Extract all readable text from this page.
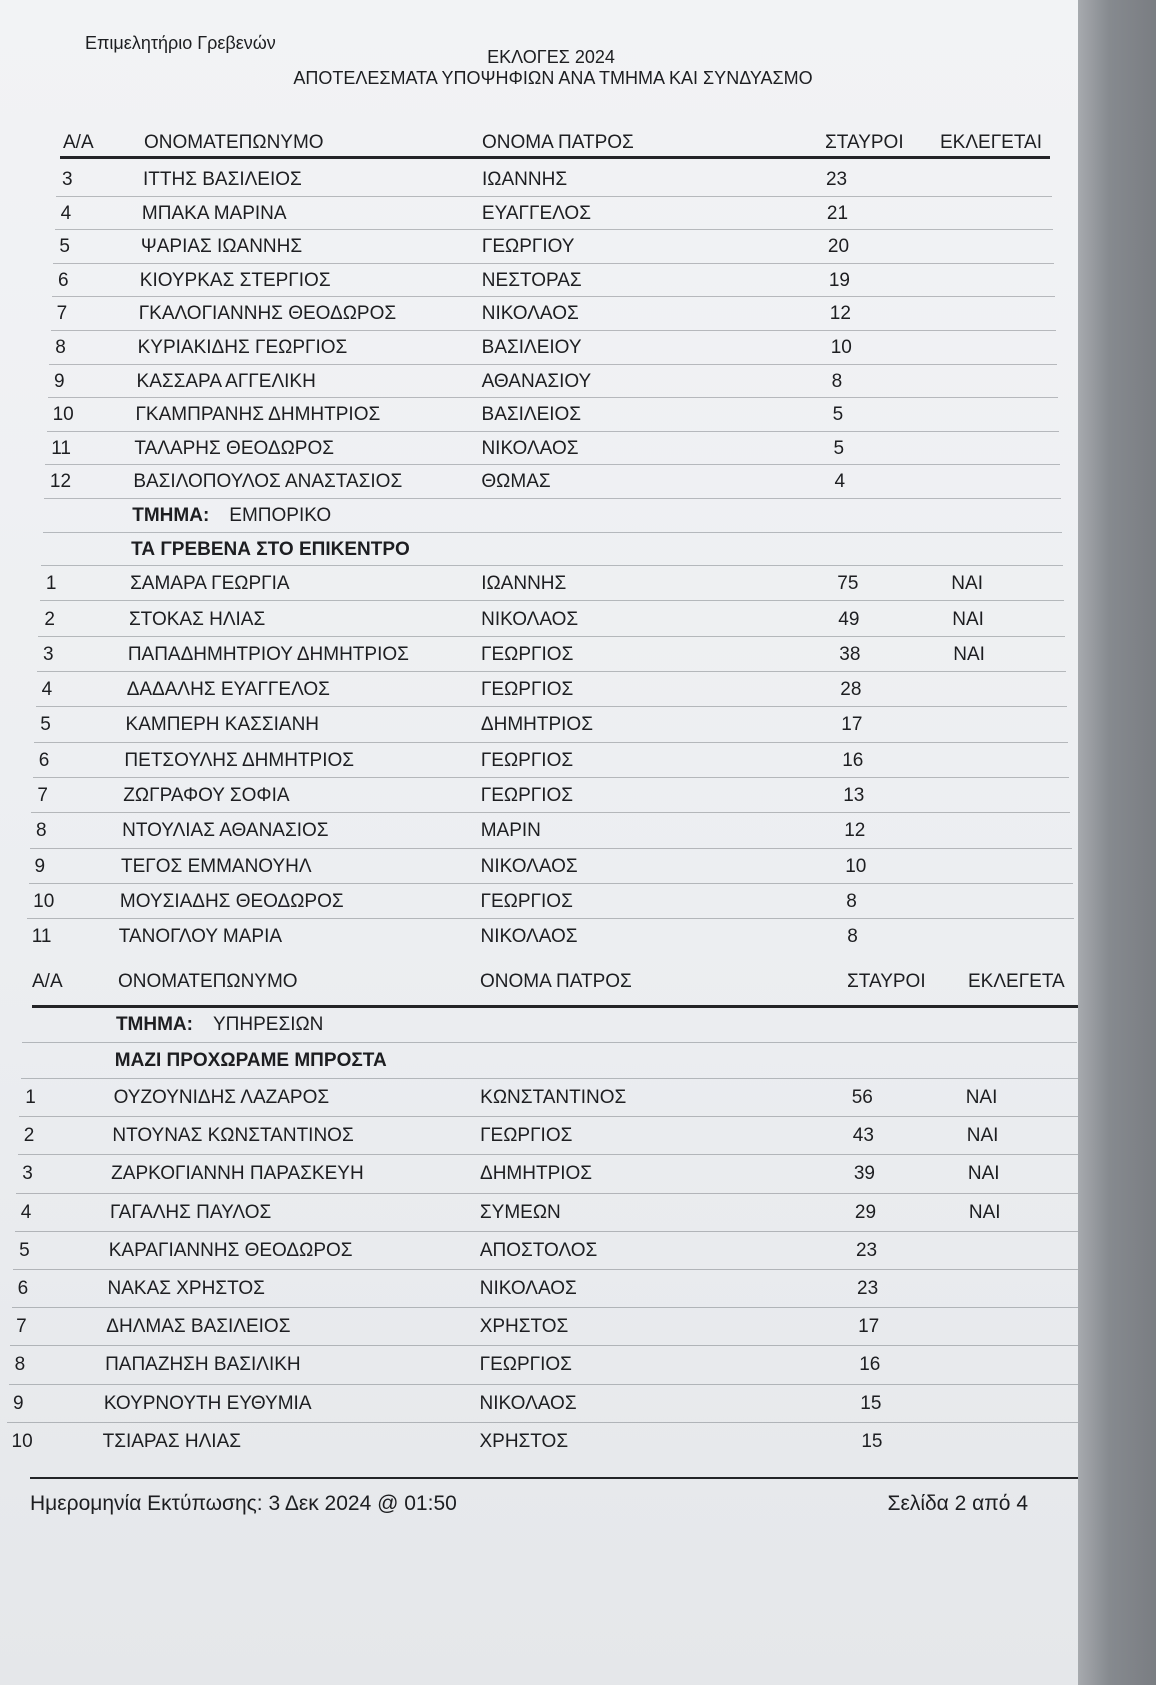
Επιμελητήριο Γρεβενών
ΕΚΛΟΓΕΣ 2024
ΑΠΟΤΕΛΕΣΜΑΤΑ ΥΠΟΨΗΦΙΩΝ ΑΝΑ ΤΜΗΜΑ ΚΑΙ ΣΥΝΔΥΑΣΜΟ
Α/Α	ΟΝΟΜΑΤΕΠΩΝΥΜΟ	ΟΝΟΜΑ ΠΑΤΡΟΣ	ΣΤΑΥΡΟΙ ΕΚΛΕΓΕΤΑΙ
Α/Α	ΟΝΟΜΑΤΕΠΩΝΥΜΟ	ΟΝΟΜΑ ΠΑΤΡΟΣ	ΣΤΑΥΡΟΙ ΕΚΛΕΓΕΤΑ
3	ΙΤΤΗΣ ΒΑΣΙΛΕΙΟΣ	ΙΩΑΝΝΗΣ	23
4	ΜΠΑΚΑ ΜΑΡΙΝΑ	ΕΥΑΓΓΕΛΟΣ	21
5	ΨΑΡΙΑΣ ΙΩΑΝΝΗΣ	ΓΕΩΡΓΙΟΥ	20
6	ΚΙΟΥΡΚΑΣ ΣΤΕΡΓΙΟΣ	ΝΕΣΤΟΡΑΣ	19
7	ΓΚΑΛΟΓΙΑΝΝΗΣ ΘΕΟΔΩΡΟΣ	ΝΙΚΟΛΑΟΣ	12
8	ΚΥΡΙΑΚΙΔΗΣ ΓΕΩΡΓΙΟΣ	ΒΑΣΙΛΕΙΟΥ	10
9	ΚΑΣΣΑΡΑ ΑΓΓΕΛΙΚΗ	ΑΘΑΝΑΣΙΟΥ	8
10	ΓΚΑΜΠΡΑΝΗΣ ΔΗΜΗΤΡΙΟΣ	ΒΑΣΙΛΕΙΟΣ	5
11	ΤΑΛΑΡΗΣ ΘΕΟΔΩΡΟΣ	ΝΙΚΟΛΑΟΣ	5
12	ΒΑΣΙΛΟΠΟΥΛΟΣ ΑΝΑΣΤΑΣΙΟΣ	ΘΩΜΑΣ	4
ΤΜΗΜΑ: ΕΜΠΟΡΙΚΟ
ΤΑ ΓΡΕΒΕΝΑ ΣΤΟ ΕΠΙΚΕΝΤΡΟ
1	ΣΑΜΑΡΑ ΓΕΩΡΓΙΑ	ΙΩΑΝΝΗΣ	75	ΝΑΙ
2	ΣΤΟΚΑΣ ΗΛΙΑΣ	ΝΙΚΟΛΑΟΣ	49	ΝΑΙ
3	ΠΑΠΑΔΗΜΗΤΡΙΟΥ ΔΗΜΗΤΡΙΟΣ	ΓΕΩΡΓΙΟΣ	38	ΝΑΙ
4	ΔΑΔΑΛΗΣ ΕΥΑΓΓΕΛΟΣ	ΓΕΩΡΓΙΟΣ	28
5	ΚΑΜΠΕΡΗ ΚΑΣΣΙΑΝΗ	ΔΗΜΗΤΡΙΟΣ	17
6	ΠΕΤΣΟΥΛΗΣ ΔΗΜΗΤΡΙΟΣ	ΓΕΩΡΓΙΟΣ	16
7	ΖΩΓΡΑΦΟΥ ΣΟΦΙΑ	ΓΕΩΡΓΙΟΣ	13
8	ΝΤΟΥΛΙΑΣ ΑΘΑΝΑΣΙΟΣ	ΜΑΡΙΝ	12
9	ΤΕΓΟΣ ΕΜΜΑΝΟΥΗΛ	ΝΙΚΟΛΑΟΣ	10
10	ΜΟΥΣΙΑΔΗΣ ΘΕΟΔΩΡΟΣ	ΓΕΩΡΓΙΟΣ	8
11	ΤΑΝΟΓΛΟΥ ΜΑΡΙΑ	ΝΙΚΟΛΑΟΣ	8
ΤΜΗΜΑ: ΥΠΗΡΕΣΙΩΝ
ΜΑΖΙ ΠΡΟΧΩΡΑΜΕ ΜΠΡΟΣΤΑ
1	ΟΥΖΟΥΝΙΔΗΣ ΛΑΖΑΡΟΣ	ΚΩΝΣΤΑΝΤΙΝΟΣ	56	ΝΑΙ
2	ΝΤΟΥΝΑΣ ΚΩΝΣΤΑΝΤΙΝΟΣ	ΓΕΩΡΓΙΟΣ	43	ΝΑΙ
3	ΖΑΡΚΟΓΙΑΝΝΗ ΠΑΡΑΣΚΕΥΗ	ΔΗΜΗΤΡΙΟΣ	39	ΝΑΙ
4	ΓΑΓΑΛΗΣ ΠΑΥΛΟΣ	ΣΥΜΕΩΝ	29	ΝΑΙ
5	ΚΑΡΑΓΙΑΝΝΗΣ ΘΕΟΔΩΡΟΣ	ΑΠΟΣΤΟΛΟΣ	23
6	ΝΑΚΑΣ ΧΡΗΣΤΟΣ	ΝΙΚΟΛΑΟΣ	23
7	ΔΗΛΜΑΣ ΒΑΣΙΛΕΙΟΣ	ΧΡΗΣΤΟΣ	17
8	ΠΑΠΑΖΗΣΗ ΒΑΣΙΛΙΚΗ	ΓΕΩΡΓΙΟΣ	16
9	ΚΟΥΡΝΟΥΤΗ ΕΥΘΥΜΙΑ	ΝΙΚΟΛΑΟΣ	15
10	ΤΣΙΑΡΑΣ ΗΛΙΑΣ	ΧΡΗΣΤΟΣ	15
Ημερομηνία Εκτύπωσης: 3 Δεκ 2024 @ 01:50	Σελίδα 2 από 4
